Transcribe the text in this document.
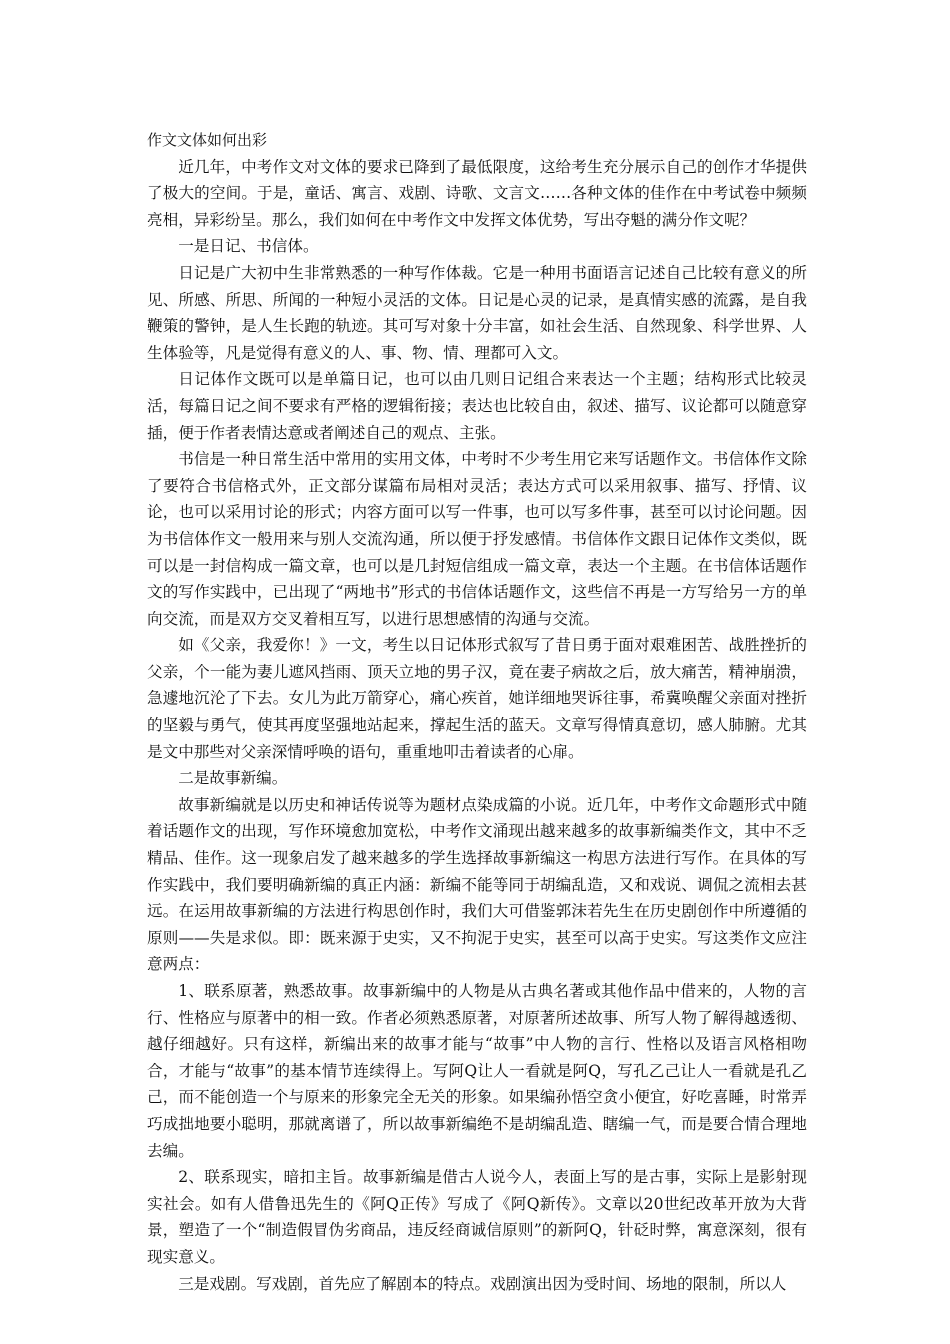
作文文体如何出彩

近几年，中考作文对文体的要求已降到了最低限度，这给考生充分展示自己的创作才华提供了极大的空间。于是，童话、寓言、戏剧、诗歌、文言文……各种文体的佳作在中考试卷中频频亮相，异彩纷呈。那么，我们如何在中考作文中发挥文体优势，写出夺魁的满分作文呢？

一是日记、书信体。

日记是广大初中生非常熟悉的一种写作体裁。它是一种用书面语言记述自己比较有意义的所见、所感、所思、所闻的一种短小灵活的文体。日记是心灵的记录，是真情实感的流露，是自我鞭策的警钟，是人生长跑的轨迹。其可写对象十分丰富，如社会生活、自然现象、科学世界、人生体验等，凡是觉得有意义的人、事、物、情、理都可入文。

日记体作文既可以是单篇日记，也可以由几则日记组合来表达一个主题；结构形式比较灵活，每篇日记之间不要求有严格的逻辑衔接；表达也比较自由，叙述、描写、议论都可以随意穿插，便于作者表情达意或者阐述自己的观点、主张。

书信是一种日常生活中常用的实用文体，中考时不少考生用它来写话题作文。书信体作文除了要符合书信格式外，正文部分谋篇布局相对灵活；表达方式可以采用叙事、描写、抒情、议论，也可以采用讨论的形式；内容方面可以写一件事，也可以写多件事，甚至可以讨论问题。因为书信体作文一般用来与别人交流沟通，所以便于抒发感情。书信体作文跟日记体作文类似，既可以是一封信构成一篇文章，也可以是几封短信组成一篇文章，表达一个主题。在书信体话题作文的写作实践中，已出现了“两地书”形式的书信体话题作文，这些信不再是一方写给另一方的单向交流，而是双方交叉着相互写，以进行思想感情的沟通与交流。

如《父亲，我爱你！》一文，考生以日记体形式叙写了昔日勇于面对艰难困苦、战胜挫折的父亲，个一能为妻儿遮风挡雨、顶天立地的男子汉，竟在妻子病故之后，放大痛苦，精神崩溃，急遽地沉沦了下去。女儿为此万箭穿心，痛心疾首，她详细地哭诉往事，希冀唤醒父亲面对挫折的坚毅与勇气，使其再度坚强地站起来，撑起生活的蓝天。文章写得情真意切，感人肺腑。尤其是文中那些对父亲深情呼唤的语句，重重地叩击着读者的心扉。

二是故事新编。

故事新编就是以历史和神话传说等为题材点染成篇的小说。近几年，中考作文命题形式中随着话题作文的出现，写作环境愈加宽松，中考作文涌现出越来越多的故事新编类作文，其中不乏精品、佳作。这一现象启发了越来越多的学生选择故事新编这一构思方法进行写作。在具体的写作实践中，我们要明确新编的真正内涵：新编不能等同于胡编乱造，又和戏说、调侃之流相去甚远。在运用故事新编的方法进行构思创作时，我们大可借鉴郭沫若先生在历史剧创作中所遵循的原则——失是求似。即：既来源于史实，又不拘泥于史实，甚至可以高于史实。写这类作文应注意两点：

1、联系原著，熟悉故事。故事新编中的人物是从古典名著或其他作品中借来的，人物的言行、性格应与原著中的相一致。作者必须熟悉原著，对原著所述故事、所写人物了解得越透彻、越仔细越好。只有这样，新编出来的故事才能与“故事”中人物的言行、性格以及语言风格相吻合，才能与“故事”的基本情节连续得上。写阿Q让人一看就是阿Q，写孔乙己让人一看就是孔乙己，而不能创造一个与原来的形象完全无关的形象。如果编孙悟空贪小便宜，好吃喜睡，时常弄巧成拙地要小聪明，那就离谱了，所以故事新编绝不是胡编乱造、瞎编一气，而是要合情合理地去编。

2、联系现实，暗扣主旨。故事新编是借古人说今人，表面上写的是古事，实际上是影射现实社会。如有人借鲁迅先生的《阿Q正传》写成了《阿Q新传》。文章以20世纪改革开放为大背景，塑造了一个“制造假冒伪劣商品，违反经商诚信原则”的新阿Q，针砭时弊，寓意深刻，很有现实意义。

三是戏剧。写戏剧，首先应了解剧本的特点。戏剧演出因为受时间、场地的限制，所以人
